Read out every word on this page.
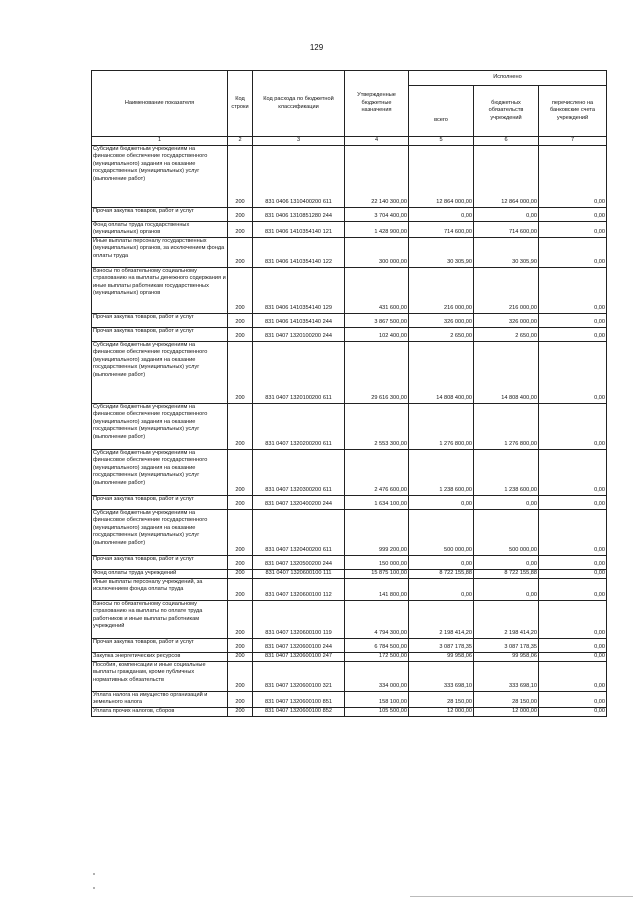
129
Наименование показателя	Код строки	Код расхода по бюджетной классификации	Утвержденные бюджетные назначения	Исполнено		
				всего	бюджетных обязательств учреждений	перечислено на банковские счета учреждений
1	2	3	4	5	6	7
Субсидии бюджетным учреждениям на финансовое обеспечение государственного (муниципального) задания на оказание государственных (муниципальных) услуг (выполнение работ)	200	831 0406 1310400200 611	22 140 300,00	12 864 000,00	12 864 000,00	0,00
Прочая закупка товаров, работ и услуг	200	831 0406 1310851280 244	3 704 400,00	0,00	0,00	0,00
Фонд оплаты труда государственных (муниципальных) органов	200	831 0406 1410354140 121	1 428 900,00	714 600,00	714 600,00	0,00
Иные выплаты персоналу государственных (муниципальных) органов, за исключением фонда оплаты труда	200	831 0406 1410354140 122	300 000,00	30 305,90	30 305,90	0,00
Взносы по обязательному социальному страхованию на выплаты денежного содержания и иные выплаты работникам государственных (муниципальных) органов	200	831 0406 1410354140 129	431 600,00	216 000,00	216 000,00	0,00
Прочая закупка товаров, работ и услуг	200	831 0406 1410354140 244	3 867 500,00	326 000,00	326 000,00	0,00
Прочая закупка товаров, работ и услуг	200	831 0407 1320100200 244	102 400,00	2 650,00	2 650,00	0,00
Субсидии бюджетным учреждениям на финансовое обеспечение государственного (муниципального) задания на оказание государственных (муниципальных) услуг (выполнение работ)	200	831 0407 1320100200 611	29 616 300,00	14 808 400,00	14 808 400,00	0,00
Субсидии бюджетным учреждениям на финансовое обеспечение государственного (муниципального) задания на оказание государственных (муниципальных) услуг (выполнение работ)	200	831 0407 1320200200 611	2 553 300,00	1 276 800,00	1 276 800,00	0,00
Субсидии бюджетным учреждениям на финансовое обеспечение государственного (муниципального) задания на оказание государственных (муниципальных) услуг (выполнение работ)	200	831 0407 1320300200 611	2 476 600,00	1 238 600,00	1 238 600,00	0,00
Прочая закупка товаров, работ и услуг	200	831 0407 1320400200 244	1 634 100,00	0,00	0,00	0,00
Субсидии бюджетным учреждениям на финансовое обеспечение государственного (муниципального) задания на оказание государственных (муниципальных) услуг (выполнение работ)	200	831 0407 1320400200 611	999 200,00	500 000,00	500 000,00	0,00
Прочая закупка товаров, работ и услуг	200	831 0407 1320500200 244	150 000,00	0,00	0,00	0,00
Фонд оплаты труда учреждений	200	831 0407 1320600100 111	15 875 100,00	8 722 155,88	8 722 155,88	0,00
Иные выплаты персоналу учреждений, за исключением фонда оплаты труда	200	831 0407 1320600100 112	141 800,00	0,00	0,00	0,00
Взносы по обязательному социальному страхованию на выплаты по оплате труда работников и иные выплаты работникам учреждений	200	831 0407 1320600100 119	4 794 300,00	2 198 414,20	2 198 414,20	0,00
Прочая закупка товаров, работ и услуг	200	831 0407 1320600100 244	6 784 500,00	3 087 178,35	3 087 178,35	0,00
Закупка энергетических ресурсов	200	831 0407 1320600100 247	172 500,00	99 958,06	99 958,06	0,00
Пособия, компенсации и иные социальные выплаты гражданам, кроме публичных нормативных обязательств	200	831 0407 1320600100 321	334 000,00	333 698,10	333 698,10	0,00
Уплата налога на имущество организаций и земельного налога	200	831 0407 1320600100 851	158 100,00	28 150,00	28 150,00	0,00
Уплата прочих налогов, сборов	200	831 0407 1320600100 852	105 500,00	12 000,00	12 000,00	0,00
